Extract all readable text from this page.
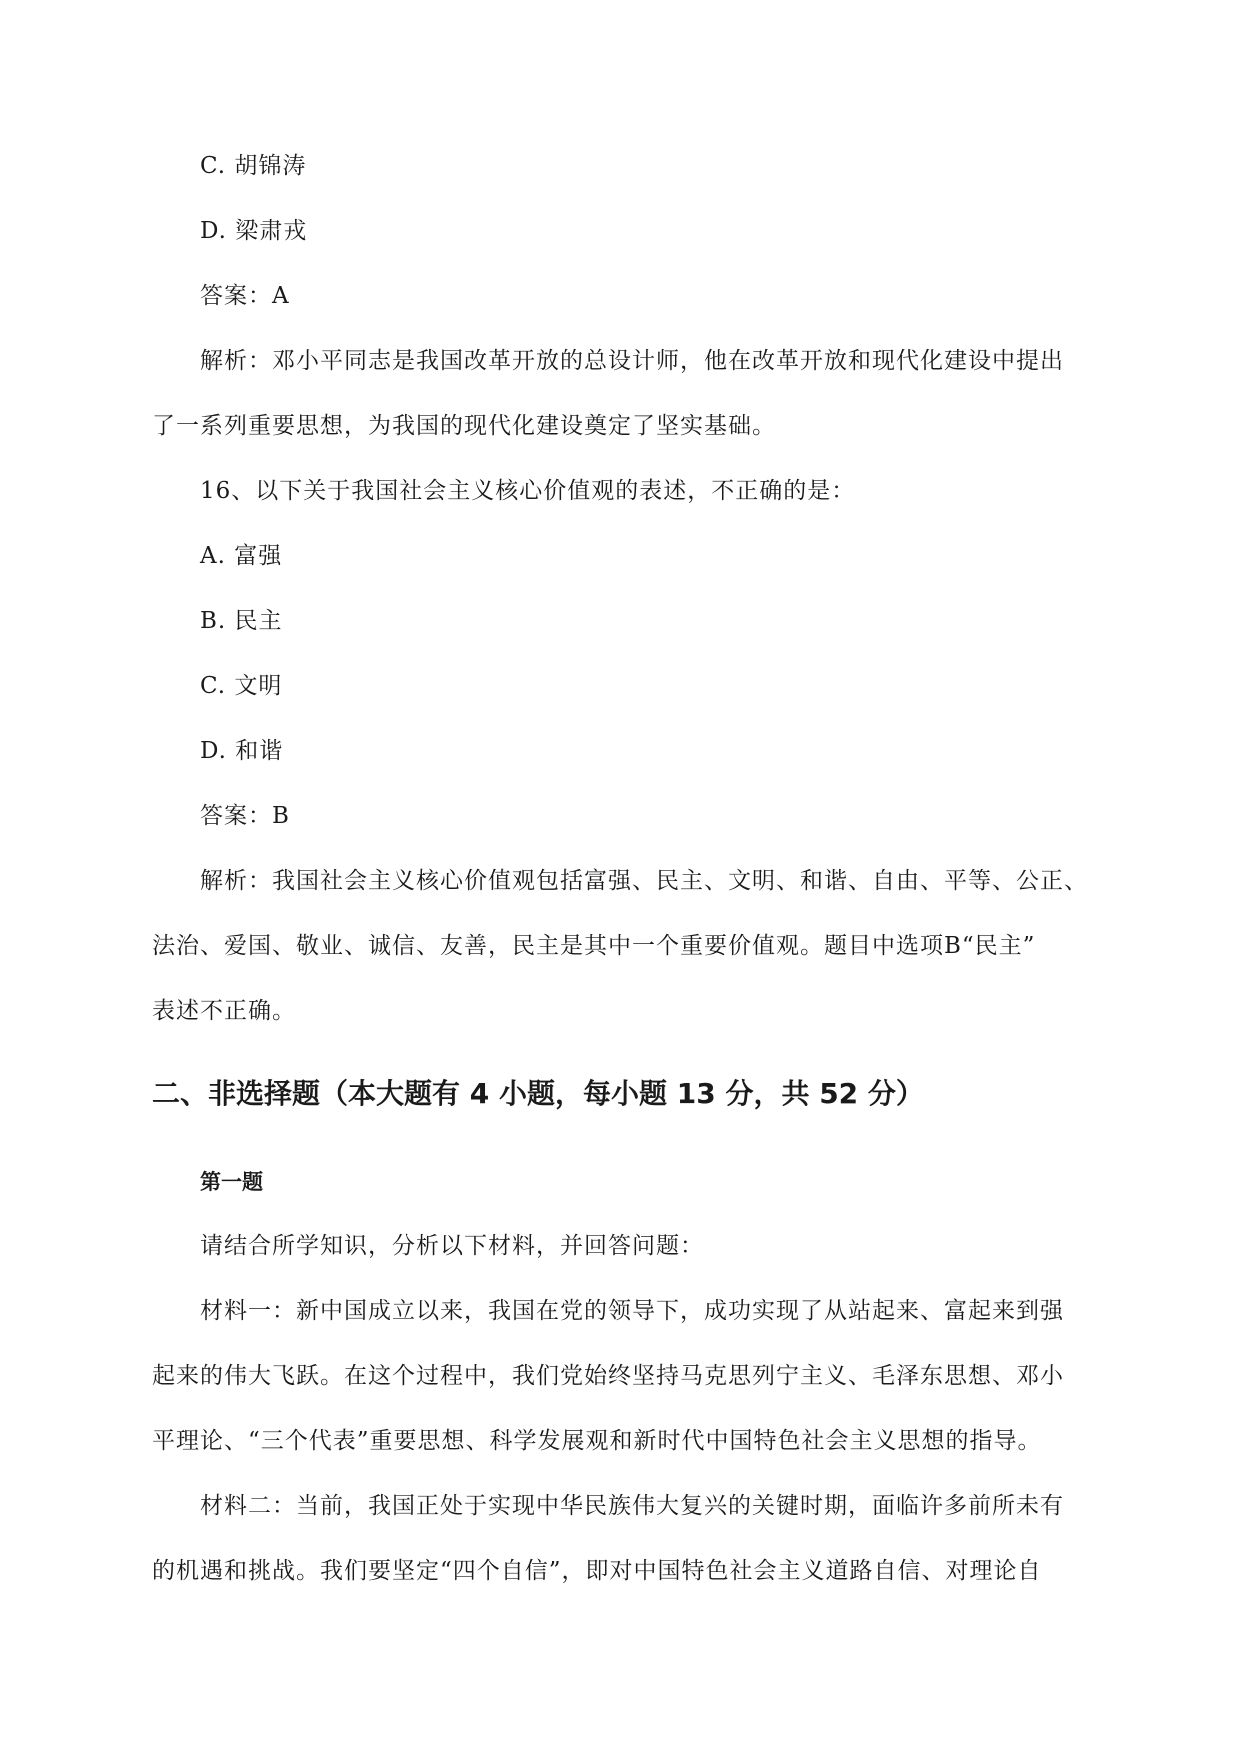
C. 胡锦涛
D. 梁肃戎
答案：A
解析：邓小平同志是我国改革开放的总设计师，他在改革开放和现代化建设中提出
了一系列重要思想，为我国的现代化建设奠定了坚实基础。
16、以下关于我国社会主义核心价值观的表述，不正确的是：
A. 富强
B. 民主
C. 文明
D. 和谐
答案：B
解析：我国社会主义核心价值观包括富强、民主、文明、和谐、自由、平等、公正、
法治、爱国、敬业、诚信、友善，民主是其中一个重要价值观。题目中选项B“民主”
表述不正确。
二、非选择题（本大题有 4 小题，每小题 13 分，共 52 分）
第一题
请结合所学知识，分析以下材料，并回答问题：
材料一：新中国成立以来，我国在党的领导下，成功实现了从站起来、富起来到强
起来的伟大飞跃。在这个过程中，我们党始终坚持马克思列宁主义、毛泽东思想、邓小
平理论、“三个代表”重要思想、科学发展观和新时代中国特色社会主义思想的指导。
材料二：当前，我国正处于实现中华民族伟大复兴的关键时期，面临许多前所未有
的机遇和挑战。我们要坚定“四个自信”，即对中国特色社会主义道路自信、对理论自
